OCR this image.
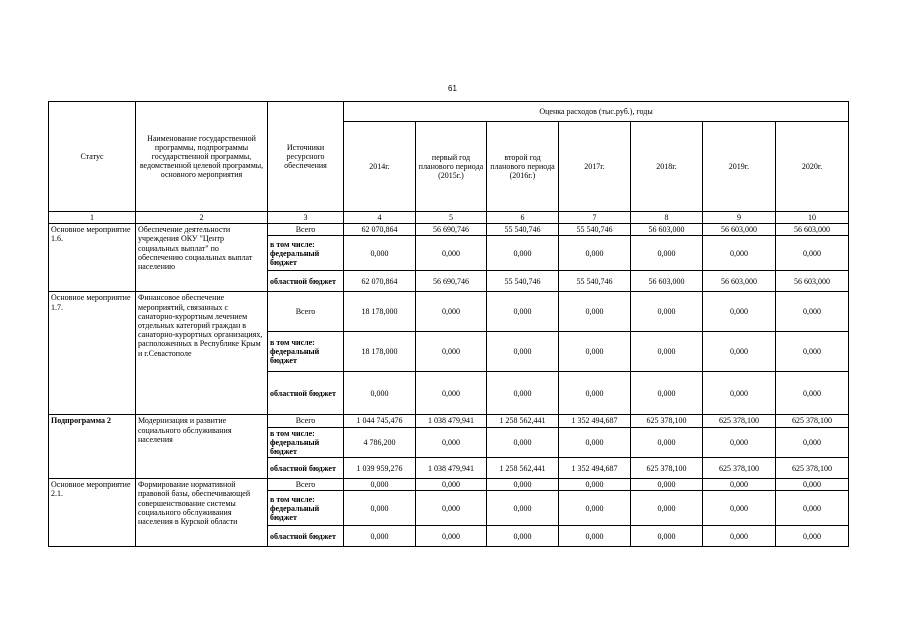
61
Статус	Наименование государственной программы, подпрограммы государственной программы, ведомственной целевой программы, основного мероприятия	Источники ресурсного обеспечения	Оценка расходов (тыс.руб.), годы						
			2014г.	первый год планового периода (2015г.)	второй год планового периода (2016г.)	2017г.	2018г.	2019г.	2020г.
1	2	3	4	5	6	7	8	9	10
Основное мероприятие 1.6.	Обеспечение деятельности учреждения ОКУ "Центр социальных выплат" по обеспечению социальных выплат населению	Всего	62 070,864	56 690,746	55 540,746	55 540,746	56 603,000	56 603,000	56 603,000
		в том числе: федеральный бюджет	0,000	0,000	0,000	0,000	0,000	0,000	0,000
		областной бюджет	62 070,864	56 690,746	55 540,746	55 540,746	56 603,000	56 603,000	56 603,000
Основное мероприятие 1.7.	Финансовое обеспечение мероприятий, связанных с санаторно-курортным лечением отдельных категорий граждан в санаторно-курортных организациях, расположенных в Республике Крым и г.Севастополе	Всего	18 178,000	0,000	0,000	0,000	0,000	0,000	0,000
		в том числе: федеральный бюджет	18 178,000	0,000	0,000	0,000	0,000	0,000	0,000
		областной бюджет	0,000	0,000	0,000	0,000	0,000	0,000	0,000
Подпрограмма 2	Модернизация и развитие социального обслуживания населения	Всего	1 044 745,476	1 038 479,941	1 258 562,441	1 352 494,687	625 378,100	625 378,100	625 378,100
		в том числе: федеральный бюджет	4 786,200	0,000	0,000	0,000	0,000	0,000	0,000
		областной бюджет	1 039 959,276	1 038 479,941	1 258 562,441	1 352 494,687	625 378,100	625 378,100	625 378,100
Основное мероприятие 2.1.	Формирование нормативной правовой базы, обеспечивающей совершенствование системы социального обслуживания населения в Курской области	Всего	0,000	0,000	0,000	0,000	0,000	0,000	0,000
		в том числе: федеральный бюджет	0,000	0,000	0,000	0,000	0,000	0,000	0,000
		областной бюджет	0,000	0,000	0,000	0,000	0,000	0,000	0,000
